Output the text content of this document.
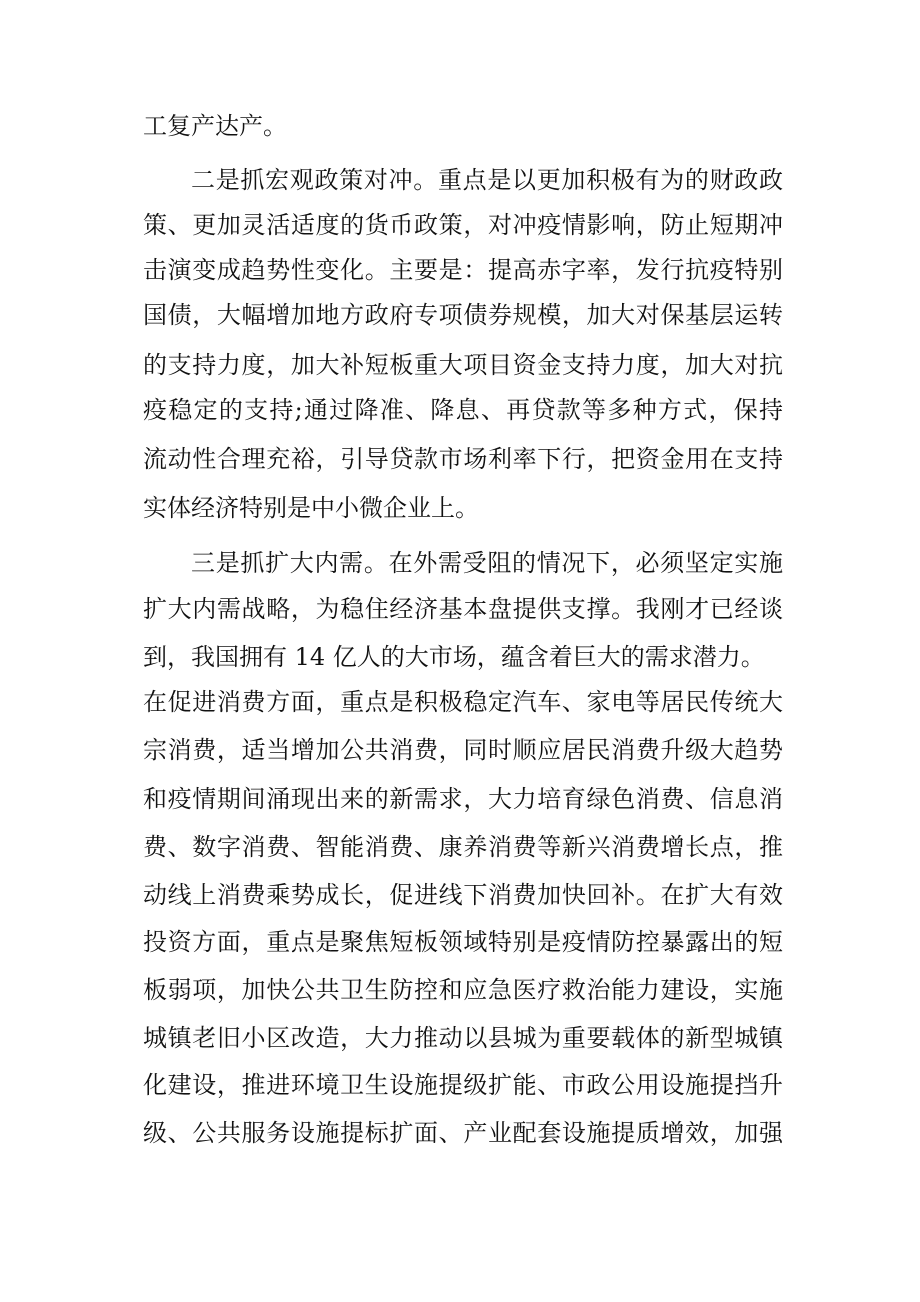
工复产达产。
二是抓宏观政策对冲。重点是以更加积极有为的财政政
策、更加灵活适度的货币政策，对冲疫情影响，防止短期冲
击演变成趋势性变化。主要是：提高赤字率，发行抗疫特别
国债，大幅增加地方政府专项债券规模，加大对保基层运转
的支持力度，加大补短板重大项目资金支持力度，加大对抗
疫稳定的支持;通过降准、降息、再贷款等多种方式，保持
流动性合理充裕，引导贷款市场利率下行，把资金用在支持
实体经济特别是中小微企业上。
三是抓扩大内需。在外需受阻的情况下，必须坚定实施
扩大内需战略，为稳住经济基本盘提供支撑。我刚才已经谈
到，我国拥有 14 亿人的大市场，蕴含着巨大的需求潜力。
在促进消费方面，重点是积极稳定汽车、家电等居民传统大
宗消费，适当增加公共消费，同时顺应居民消费升级大趋势
和疫情期间涌现出来的新需求，大力培育绿色消费、信息消
费、数字消费、智能消费、康养消费等新兴消费增长点，推
动线上消费乘势成长，促进线下消费加快回补。在扩大有效
投资方面，重点是聚焦短板领域特别是疫情防控暴露出的短
板弱项，加快公共卫生防控和应急医疗救治能力建设，实施
城镇老旧小区改造，大力推动以县城为重要载体的新型城镇
化建设，推进环境卫生设施提级扩能、市政公用设施提挡升
级、公共服务设施提标扩面、产业配套设施提质增效，加强
